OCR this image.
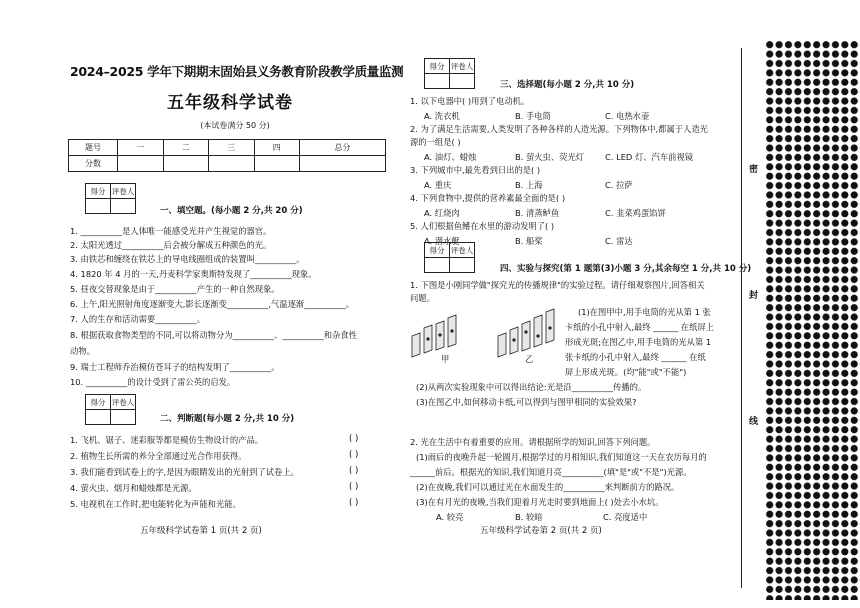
2024–2025 学年下期期末固始县义务教育阶段教学质量监测
五年级科学试卷
(本试卷满分 50 分)
题号	一	二	三	四	总分
分数					
得分	评卷人

一、填空题。(每小题 2 分,共 20 分)
1. __________是人体唯一能感受光并产生视觉的器官。
2. 太阳光透过__________后会被分解成五种颜色的光。
3. 由铁芯和缠绕在铁芯上的导电线圈组成的装置叫__________。
4. 1820 年 4 月的一天,丹麦科学家奥斯特发现了__________现象。
5. 昼夜交替现象是由于__________产生的一种自然现象。
6. 上午,阳光照射角度逐渐变大,影长逐渐变__________,气温逐渐__________。
7. 人的生存和活动需要__________。
8. 根据获取食物类型的不同,可以将动物分为__________、__________和杂食性
动物。
9. 瑞士工程师乔治模仿苍耳子的结构发明了__________。
10. __________的设计受到了雷公英的启发。
得分	评卷人

二、判断题(每小题 2 分,共 10 分)
1. 飞机、锯子、迷彩服等都是模仿生物设计的产品。	( )
2. 植物生长所需的养分全部通过光合作用获得。	( )
3. 我们能看到试卷上的字,是因为眼睛发出的光射到了试卷上。	( )
4. 萤火虫、烟月和蜡烛都是光源。	( )
5. 电视机在工作时,把电能转化为声能和光能。	( )
五年级科学试卷第 1 页(共 2 页)
得分	评卷人

三、选择题(每小题 2 分,共 10 分)
1. 以下电器中( )用到了电动机。
A. 洗衣机	B. 手电筒	C. 电热水壶
2. 为了满足生活需要,人类发明了各种各样的人造光源。下列物体中,都属于人造光
源的一组是( )
A. 油灯、蜡烛	B. 萤火虫、荧光灯	C. LED 灯、汽车前视镜
3. 下列城市中,最先看到日出的是( )
A. 重庆	B. 上海	C. 拉萨
4. 下列食物中,提供的营养素最全面的是( )
A. 红烧肉	B. 清蒸鲈鱼	C. 韭菜鸡蛋馅饼
5. 人们根据鱼鳍在水里的游动发明了( )
A. 潜水艇	B. 船桨	C. 雷达
得分	评卷人

四、实验与探究(第 1 题第(3)小题 3 分,其余每空 1 分,共 10 分)
1. 下图是小刚同学做"探究光的传播规律"的实验过程。请仔细观察图片,回答相关
问题。
甲	乙
(1)在图甲中,用手电筒的光从第 1 张
卡纸的小孔中射入,最终 ______ 在纸屏上
形成光斑;在图乙中,用手电筒的光从第 1
张卡纸的小孔中射入,最终 ______ 在纸
屏上形成光斑。(均"能"或"不能")
(2)从两次实验现象中可以得出结论:光是沿__________传播的。
(3)在图乙中,如何移动卡纸,可以得到与图甲相同的实验效果?
2. 光在生活中有着重要的应用。请根据所学的知识,回答下列问题。
(1)雨后的夜晚升起一轮圆月,根据学过的月相知识,我们知道这一天在农历每月的
______前后。根据光的知识,我们知道月亮__________(填"是"或"不是")光源。
(2)在夜晚,我们可以通过光在水面发生的__________来判断前方的路况。
(3)在有月光的夜晚,当我们迎着月光走时要到地面上( )处去小水坑。
A. 较亮	B. 较暗	C. 亮度适中
五年级科学试卷第 2 页(共 2 页)
密
封
线
